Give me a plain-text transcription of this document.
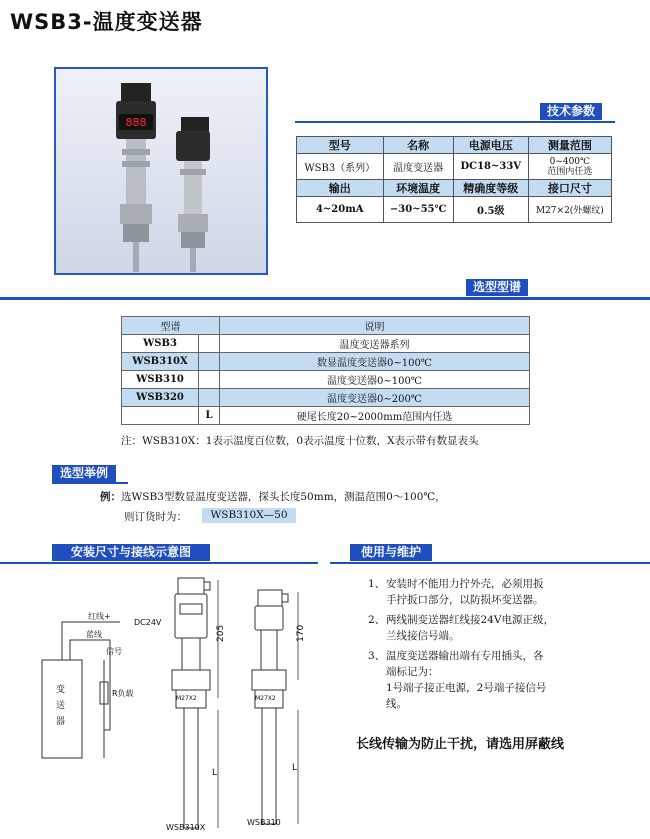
WSB3-温度变送器
888
技术参数
型号	名称	电源电压	测量范围
WSB3（系列）	温度变送器	DC18~33V	0~400℃
范围内任选

输出	环境温度	精确度等级	接口尺寸
4~20mA	−30~55℃	0.5级	M27×2(外螺纹)
选型型谱
型谱		说明
WSB3		温度变送器系列
WSB310X		数显温度变送器0~100℃
WSB310		温度变送器0~100℃
WSB320		温度变送器0~200℃
	L	硬尾长度20~2000mm范围内任选
注：WSB310X：1表示温度百位数，0表示温度十位数，X表示带有数显表头
选型举例
例：选WSB3型数显温度变送器，探头长度50mm，测温范围0～100℃，
则订货时为：	WSB310X—50
安装尺寸与接线示意图
红线+
DC24V
蓝线
信号
R负载
变
送
器
205
L
M27X2
170
L
M27X2
WSB310X
WSB310
使用与维护
1、 安装时不能用力拧外壳，必须用扳
手拧扳口部分，以防损坏变送器。
2、 两线制变送器红线接24V电源正级，
兰线接信号端。
3、 温度变送器输出端有专用插头，各
端标记为：
1号端子接正电源，2号端子接信号
线。
长线传输为防止干扰，请选用屏蔽线
